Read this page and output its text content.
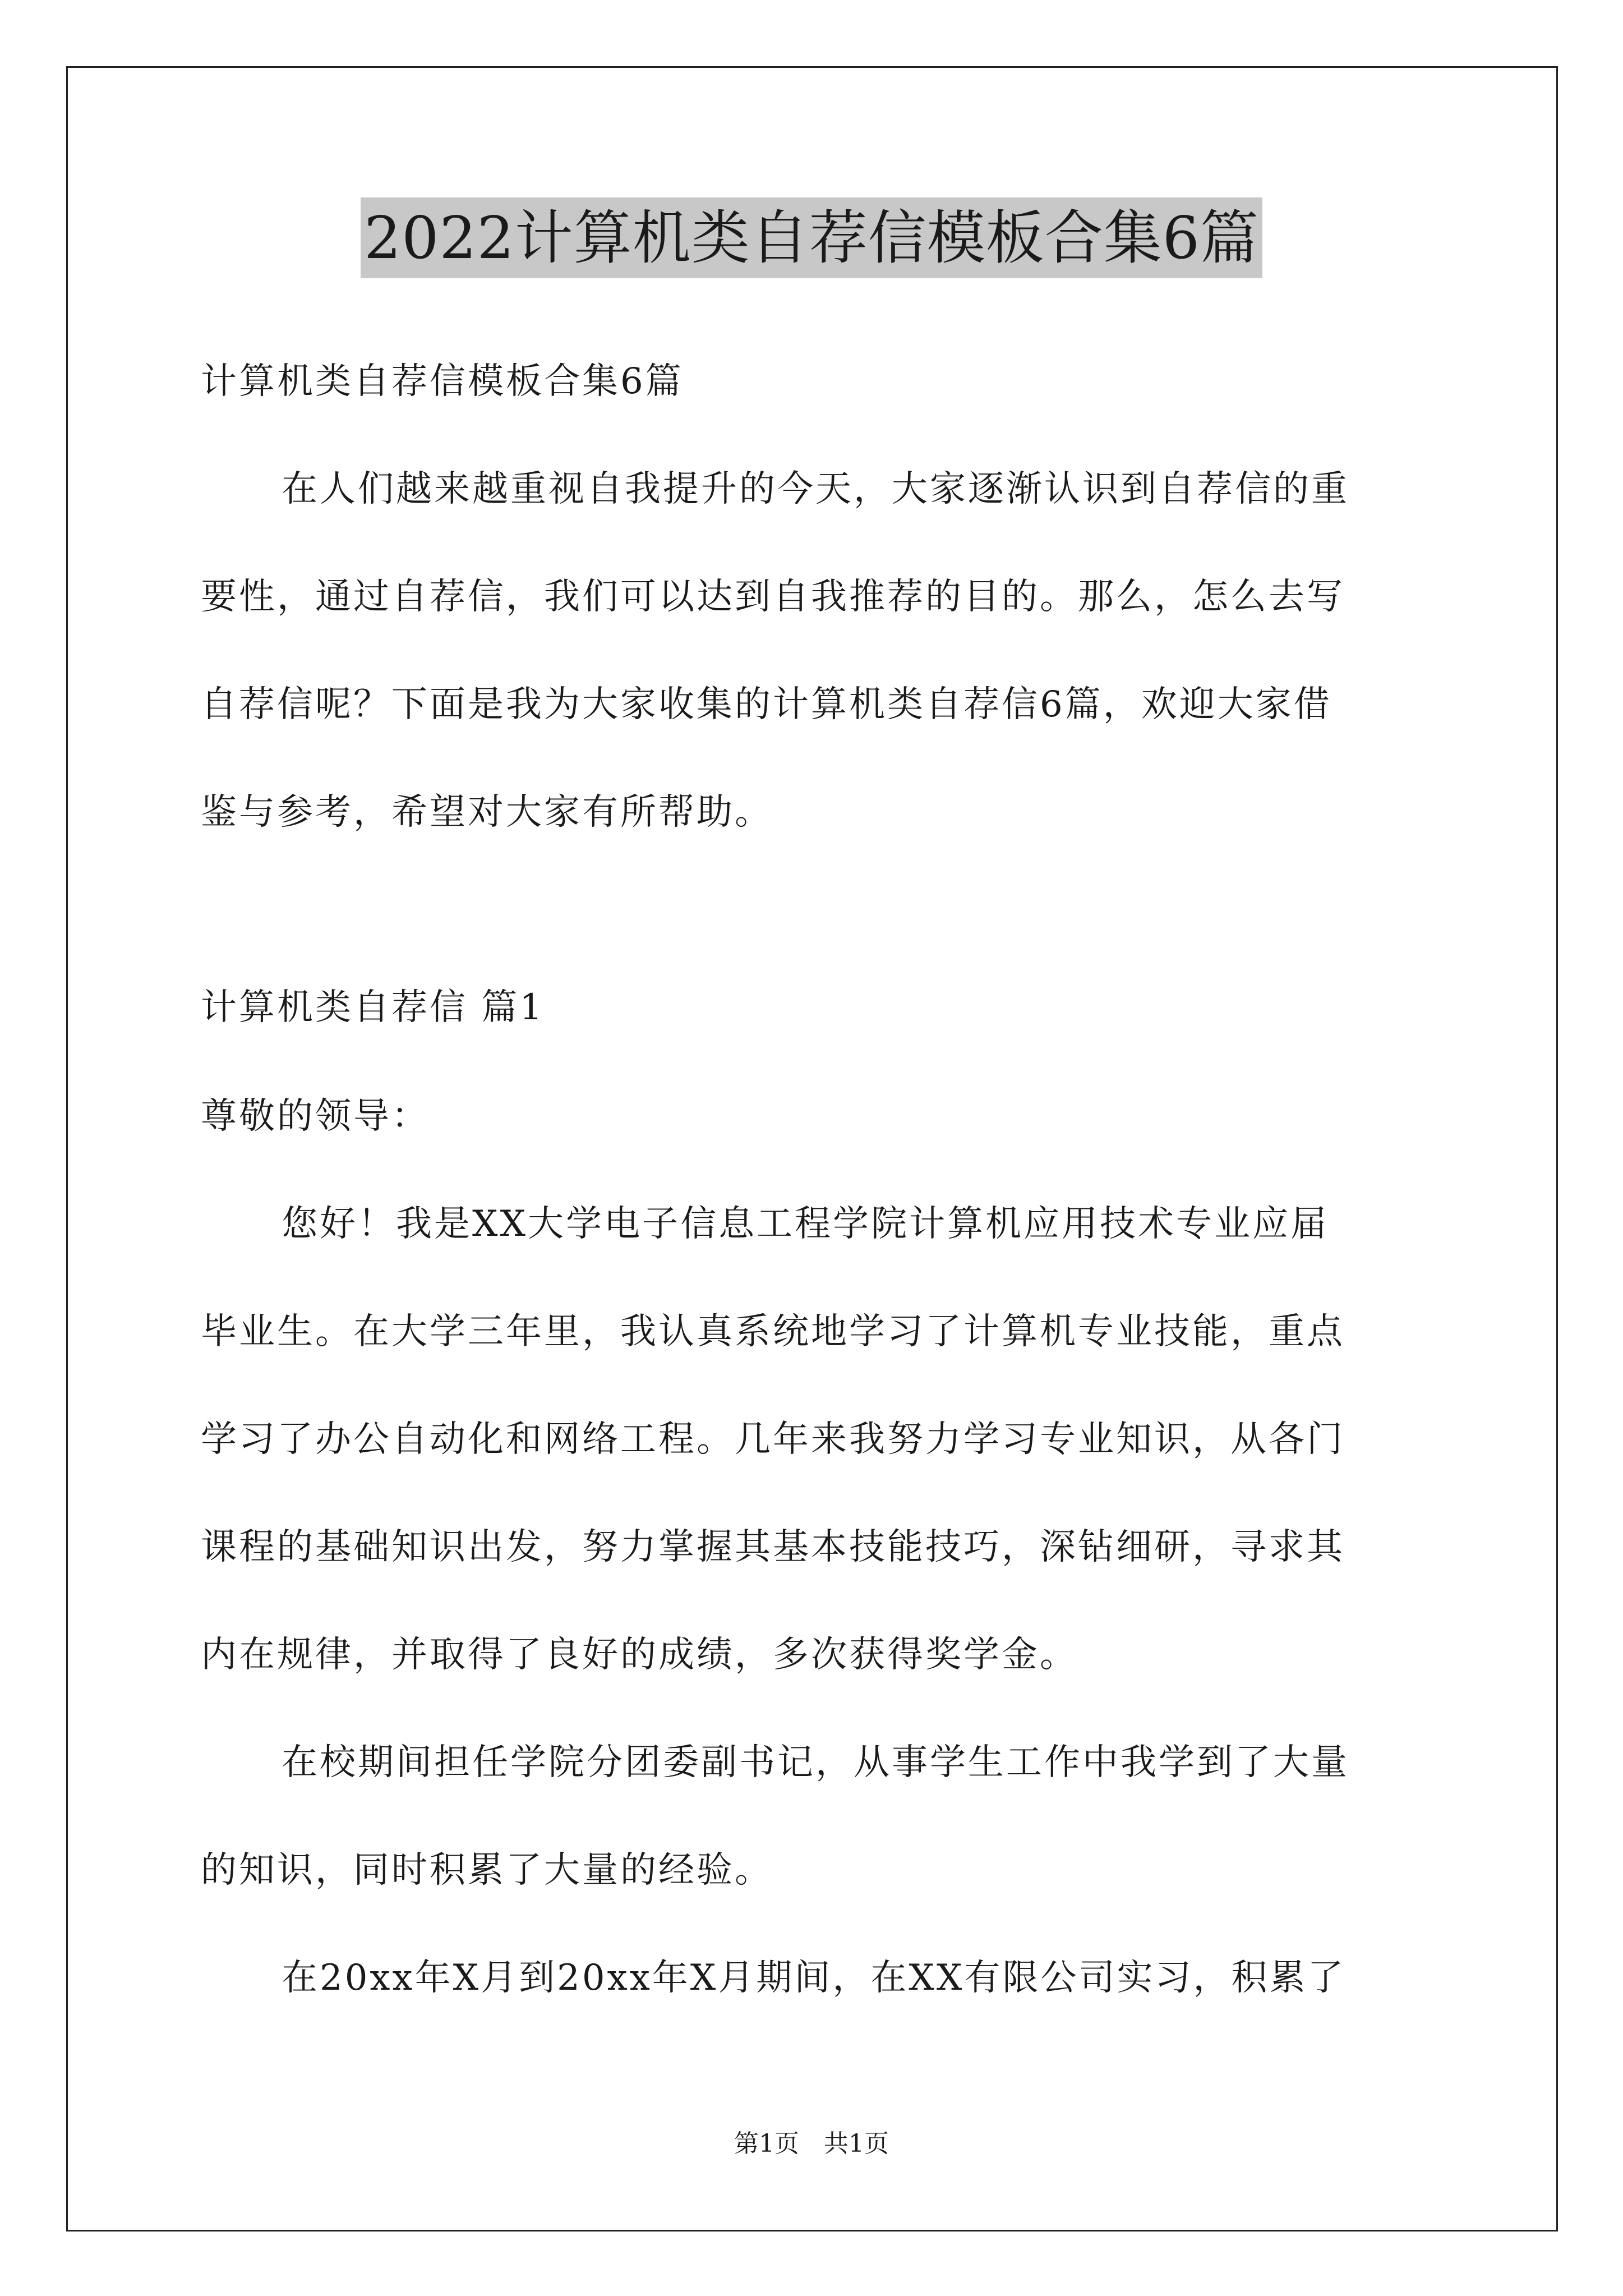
2022计算机类自荐信模板合集6篇
计算机类自荐信模板合集6篇
在人们越来越重视自我提升的今天，大家逐渐认识到自荐信的重
要性，通过自荐信，我们可以达到自我推荐的目的。那么，怎么去写
自荐信呢？下面是我为大家收集的计算机类自荐信6篇，欢迎大家借
鉴与参考，希望对大家有所帮助。
计算机类自荐信 篇1
尊敬的领导：
您好！我是XX大学电子信息工程学院计算机应用技术专业应届
毕业生。在大学三年里，我认真系统地学习了计算机专业技能，重点
学习了办公自动化和网络工程。几年来我努力学习专业知识，从各门
课程的基础知识出发，努力掌握其基本技能技巧，深钻细研，寻求其
内在规律，并取得了良好的成绩，多次获得奖学金。
在校期间担任学院分团委副书记，从事学生工作中我学到了大量
的知识，同时积累了大量的经验。
在20xx年X月到20xx年X月期间，在XX有限公司实习，积累了
第1页　共1页
